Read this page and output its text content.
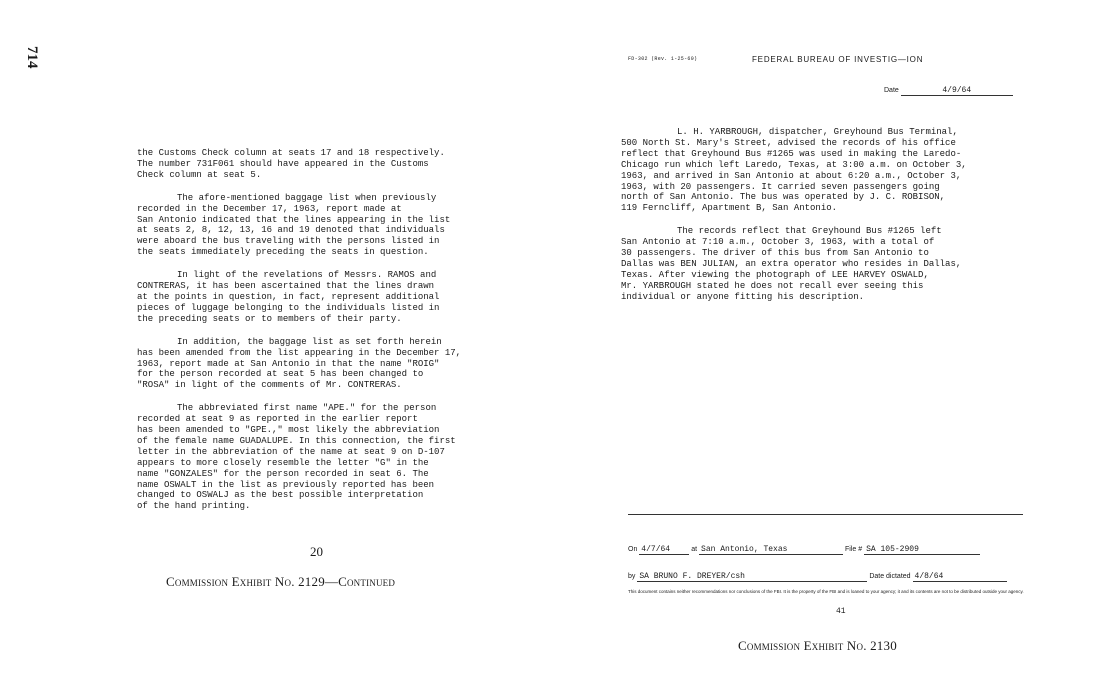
714

the Customs Check column at seats 17 and 18 respectively.
The number 731F061 should have appeared in the Customs
Check column at seat 5.

The afore-mentioned baggage list when previously
recorded in the December 17, 1963, report made at
San Antonio indicated that the lines appearing in the list
at seats 2, 8, 12, 13, 16 and 19 denoted that individuals
were aboard the bus traveling with the persons listed in
the seats immediately preceding the seats in question.

In light of the revelations of Messrs. RAMOS and
CONTRERAS, it has been ascertained that the lines drawn
at the points in question, in fact, represent additional
pieces of luggage belonging to the individuals listed in
the preceding seats or to members of their party.

In addition, the baggage list as set forth herein
has been amended from the list appearing in the December 17,
1963, report made at San Antonio in that the name "ROIG"
for the person recorded at seat 5 has been changed to
"ROSA" in light of the comments of Mr. CONTRERAS.

The abbreviated first name "APE." for the person
recorded at seat 9 as reported in the earlier report
has been amended to "GPE.," most likely the abbreviation
of the female name GUADALUPE. In this connection, the first
letter in the abbreviation of the name at seat 9 on D-107
appears to more closely resemble the letter "G" in the
name "GONZALES" for the person recorded in seat 6. The
name OSWALT in the list as previously reported has been
changed to OSWALJ as the best possible interpretation
of the hand printing.

20
Commission Exhibit No. 2129—Continued
FD-302 (Rev. 1-25-60)	FEDERAL BUREAU OF INVESTIG—ION
Date	4/9/64

L. H. YARBROUGH, dispatcher, Greyhound Bus Terminal,
500 North St. Mary's Street, advised the records of his office
reflect that Greyhound Bus #1265 was used in making the Laredo-
Chicago run which left Laredo, Texas, at 3:00 a.m. on October 3,
1963, and arrived in San Antonio at about 6:20 a.m., October 3,
1963, with 20 passengers. It carried seven passengers going
north of San Antonio. The bus was operated by J. C. ROBISON,
119 Ferncliff, Apartment B, San Antonio.

The records reflect that Greyhound Bus #1265 left
San Antonio at 7:10 a.m., October 3, 1963, with a total of
30 passengers. The driver of this bus from San Antonio to
Dallas was BEN JULIAN, an extra operator who resides in Dallas,
Texas. After viewing the photograph of LEE HARVEY OSWALD,
Mr. YARBROUGH stated he does not recall ever seeing this
individual or anyone fitting his description.

On 4/7/64	at San Antonio, Texas	File # SA 105-2909
by SA BRUNO F. DREYER/csh	Date dictated 4/8/64
This document contains neither recommendations nor conclusions of the FBI. It is the property of the FBI and is loaned to your agency; it and its contents are not to be distributed outside your agency.
41
Commission Exhibit No. 2130
